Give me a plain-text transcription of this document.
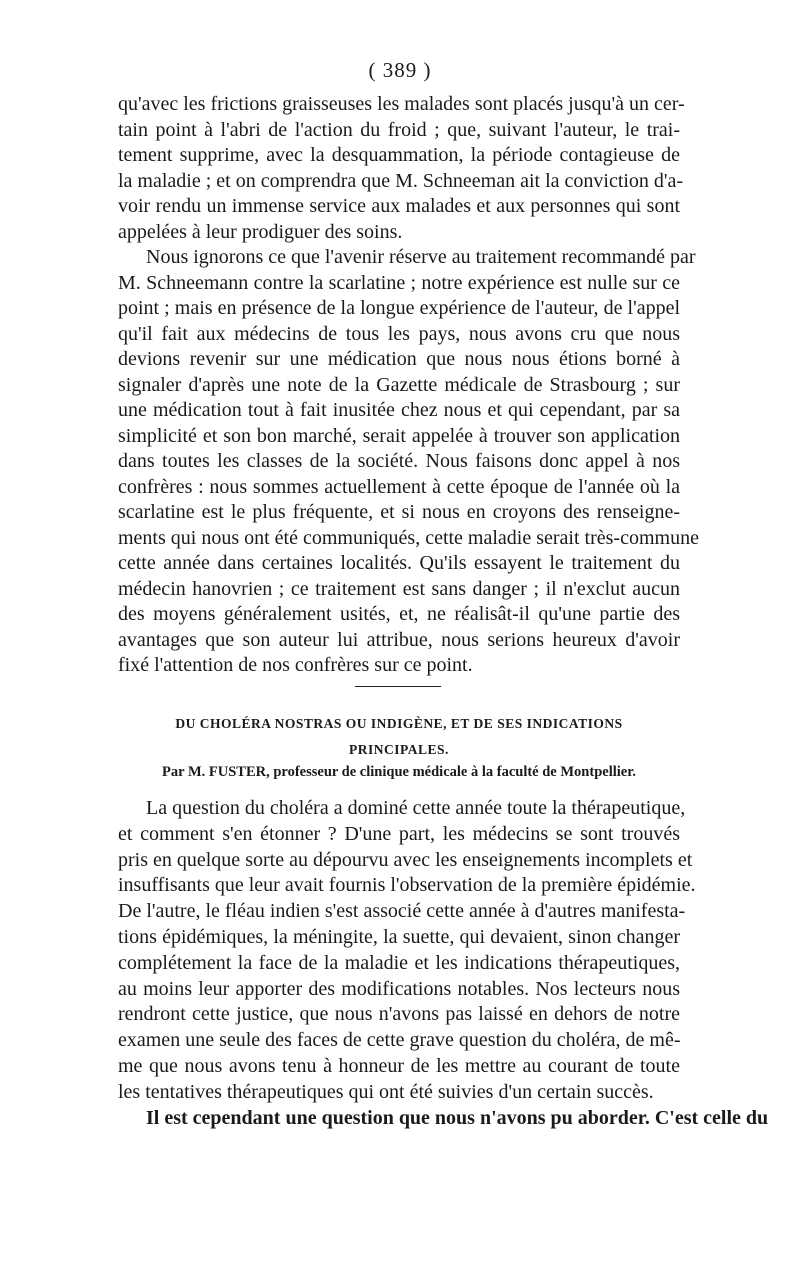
( 389 )
qu'avec les frictions graisseuses les malades sont placés jusqu'à un cer-
tain point à l'abri de l'action du froid ; que, suivant l'auteur, le trai-
tement supprime, avec la desquammation, la période contagieuse de
la maladie ; et on comprendra que M. Schneeman ait la conviction d'a-
voir rendu un immense service aux malades et aux personnes qui sont
appelées à leur prodiguer des soins.
Nous ignorons ce que l'avenir réserve au traitement recommandé par
M. Schneemann contre la scarlatine ; notre expérience est nulle sur ce
point ; mais en présence de la longue expérience de l'auteur, de l'appel
qu'il fait aux médecins de tous les pays, nous avons cru que nous
devions revenir sur une médication que nous nous étions borné à
signaler d'après une note de la Gazette médicale de Strasbourg ; sur
une médication tout à fait inusitée chez nous et qui cependant, par sa
simplicité et son bon marché, serait appelée à trouver son application
dans toutes les classes de la société. Nous faisons donc appel à nos
confrères : nous sommes actuellement à cette époque de l'année où la
scarlatine est le plus fréquente, et si nous en croyons des renseigne-
ments qui nous ont été communiqués, cette maladie serait très-commune
cette année dans certaines localités. Qu'ils essayent le traitement du
médecin hanovrien ; ce traitement est sans danger ; il n'exclut aucun
des moyens généralement usités, et, ne réalisât-il qu'une partie des
avantages que son auteur lui attribue, nous serions heureux d'avoir
fixé l'attention de nos confrères sur ce point.
DU CHOLÉRA NOSTRAS OU INDIGÈNE, ET DE SES INDICATIONS
PRINCIPALES.
Par M. FUSTER, professeur de clinique médicale à la faculté de Montpellier.
La question du choléra a dominé cette année toute la thérapeutique,
et comment s'en étonner ? D'une part, les médecins se sont trouvés
pris en quelque sorte au dépourvu avec les enseignements incomplets et
insuffisants que leur avait fournis l'observation de la première épidémie.
De l'autre, le fléau indien s'est associé cette année à d'autres manifesta-
tions épidémiques, la méningite, la suette, qui devaient, sinon changer
complétement la face de la maladie et les indications thérapeutiques,
au moins leur apporter des modifications notables. Nos lecteurs nous
rendront cette justice, que nous n'avons pas laissé en dehors de notre
examen une seule des faces de cette grave question du choléra, de mê-
me que nous avons tenu à honneur de les mettre au courant de toute
les tentatives thérapeutiques qui ont été suivies d'un certain succès.
Il est cependant une question que nous n'avons pu aborder. C'est celle du
